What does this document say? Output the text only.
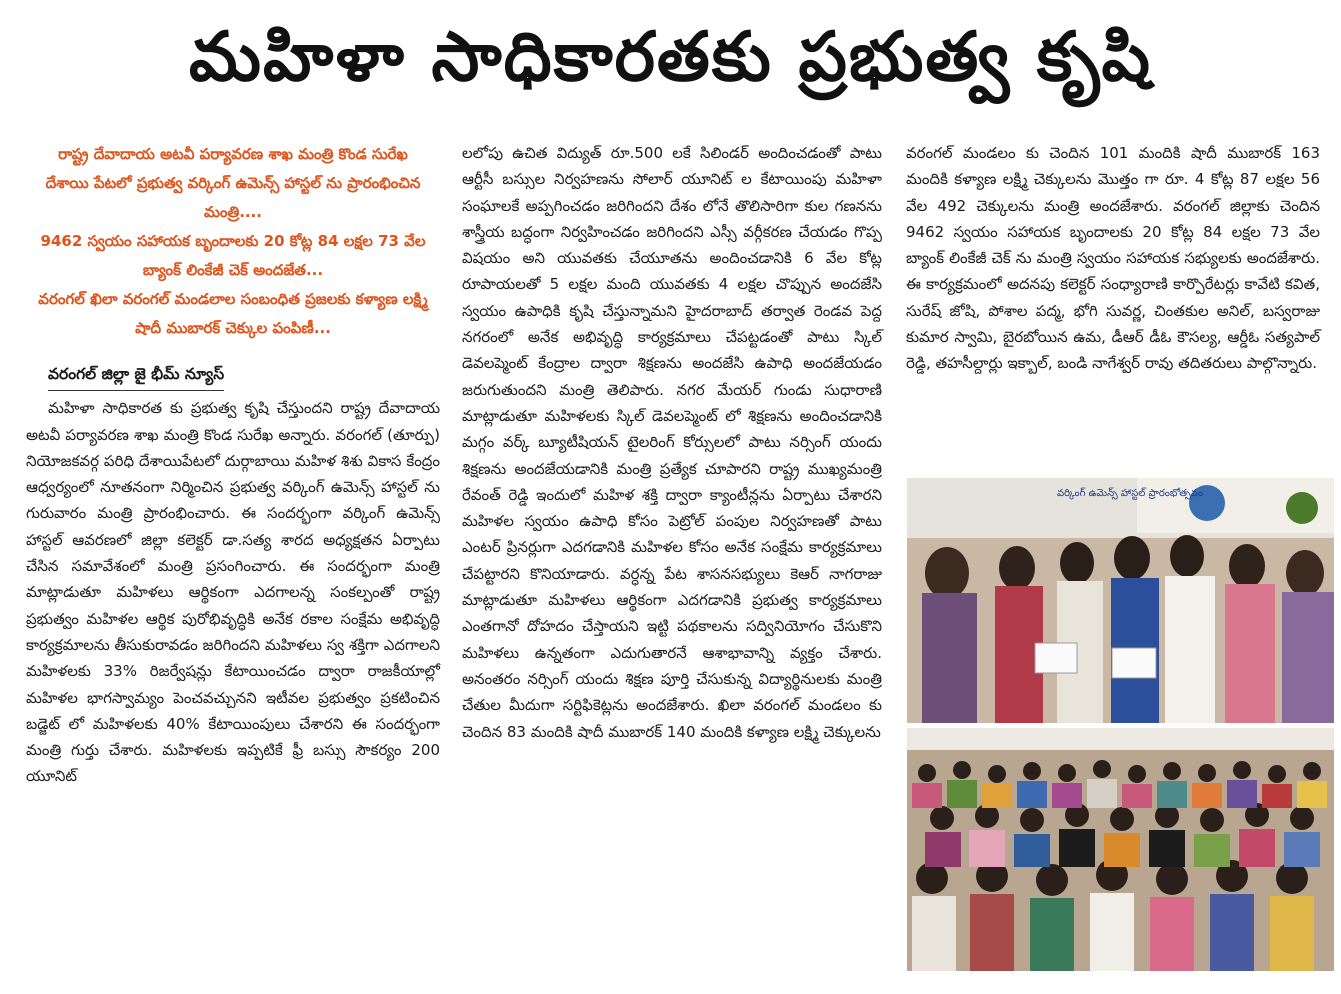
మహిళా సాధికారతకు ప్రభుత్వ కృషి
రాష్ట్ర దేవాదాయ అటవీ పర్యావరణ శాఖ మంత్రి కొండ సురేఖ
దేశాయి పేటలో ప్రభుత్వ వర్కింగ్ ఉమెన్స్ హాస్టల్ ను ప్రారంభించిన మంత్రి....
9462 స్వయం సహాయక బృందాలకు 20 కోట్ల 84 లక్షల 73 వేల బ్యాంక్ లింకేజీ చెక్ అందజేత...
వరంగల్ ఖిలా వరంగల్ మండలాల సంబంధిత ప్రజలకు కళ్యాణ లక్ష్మి షాదీ ముబారక్ చెక్కుల పంపిణీ...
వరంగల్ జిల్లా జై భీమ్ న్యూస్

మహిళా సాధికారత కు ప్రభుత్వ కృషి చేస్తుందని రాష్ట్ర దేవాదాయ అటవీ పర్యావరణ శాఖ మంత్రి కొండ సురేఖ అన్నారు. వరంగల్ (తూర్పు) నియోజకవర్గ పరిధి దేశాయిపేటలో దుర్గాబాయి మహిళ శిశు వికాస కేంద్రం ఆధ్వర్యంలో నూతనంగా నిర్మించిన ప్రభుత్వ వర్కింగ్ ఉమెన్స్ హాస్టల్ ను గురువారం మంత్రి ప్రారంభించారు. ఈ సందర్భంగా వర్కింగ్ ఉమెన్స్ హాస్టల్ ఆవరణలో జిల్లా కలెక్టర్ డా.సత్య శారద అధ్యక్షతన ఏర్పాటు చేసిన సమావేశంలో మంత్రి ప్రసంగించారు. ఈ సందర్భంగా మంత్రి మాట్లాడుతూ మహిళలు ఆర్థికంగా ఎదగాలన్న సంకల్పంతో రాష్ట్ర ప్రభుత్వం మహిళల ఆర్థిక పురోభివృద్ధికి అనేక రకాల సంక్షేమ అభివృద్ధి కార్యక్రమాలను తీసుకురావడం జరిగిందని మహిళలు స్వ శక్తిగా ఎదగాలని మహిళలకు 33% రిజర్వేషన్లు కేటాయించడం ద్వారా రాజకీయాల్లో మహిళల భాగస్వామ్యం పెంచవచ్చునని ఇటీవల ప్రభుత్వం ప్రకటించిన బడ్జెట్ లో మహిళలకు 40% కేటాయింపులు చేశారని ఈ సందర్భంగా మంత్రి గుర్తు చేశారు. మహిళలకు ఇప్పటికే ఫ్రీ బస్సు సౌకర్యం 200 యూనిట్

లలోపు ఉచిత విద్యుత్ రూ.500 లకే సిలిండర్ అందించడంతో పాటు ఆర్టీసీ బస్సుల నిర్వహణను సోలార్ యూనిట్ ల కేటాయింపు మహిళా సంఘాలకే అప్పగించడం జరిగిందని దేశం లోనే తొలిసారిగా కుల గణనను శాస్త్రీయ బద్ధంగా నిర్వహించడం జరిగిందని ఎస్సీ వర్గీకరణ చేయడం గొప్ప విషయం అని యువతకు చేయూతను అందించడానికి 6 వేల కోట్ల రూపాయలతో 5 లక్షల మంది యువతకు 4 లక్షల చొప్పున అందజేసి స్వయం ఉపాధికి కృషి చేస్తున్నామని హైదరాబాద్ తర్వాత రెండవ పెద్ద నగరంలో అనేక అభివృద్ధి కార్యక్రమాలు చేపట్టడంతో పాటు స్కిల్ డెవలప్మెంట్ కేంద్రాల ద్వారా శిక్షణను అందజేసి ఉపాధి అందజేయడం జరుగుతుందని మంత్రి తెలిపారు. నగర మేయర్ గుండు సుధారాణి మాట్లాడుతూ మహిళలకు స్కిల్ డెవలప్మెంట్ లో శిక్షణను అందించడానికి మగ్గం వర్క్ బ్యూటీషియన్ టైలరింగ్ కోర్సులలో పాటు నర్సింగ్ యందు శిక్షణను అందజేయడానికి మంత్రి ప్రత్యేక చూపారని రాష్ట్ర ముఖ్యమంత్రి రేవంత్ రెడ్డి ఇందులో మహిళ శక్తి ద్వారా క్యాంటీన్లను ఏర్పాటు చేశారని మహిళల స్వయం ఉపాధి కోసం పెట్రోల్ పంపుల నిర్వహణతో పాటు ఎంటర్ ప్రినర్లుగా ఎదగడానికి మహిళల కోసం అనేక సంక్షేమ కార్యక్రమాలు చేపట్టారని కొనియాడారు. వర్ధన్న పేట శాసనసభ్యులు కెఆర్ నాగరాజు మాట్లాడుతూ మహిళలు ఆర్థికంగా ఎదగడానికి ప్రభుత్వ కార్యక్రమాలు ఎంతగానో దోహదం చేస్తాయని ఇట్టి పథకాలను సద్వినియోగం చేసుకొని మహిళలు ఉన్నతంగా ఎదుగుతారనే ఆశాభావాన్ని వ్యక్తం చేశారు. అనంతరం నర్సింగ్ యందు శిక్షణ పూర్తి చేసుకున్న విద్యార్థినులకు మంత్రి చేతుల మీదుగా సర్టిఫికెట్లను అందజేశారు. ఖిలా వరంగల్ మండలం కు చెందిన 83 మందికి షాదీ ముబారక్ 140 మందికి కళ్యాణ లక్ష్మి చెక్కులను

వరంగల్ మండలం కు చెందిన 101 మందికి షాదీ ముబారక్ 163 మందికి కళ్యాణ లక్ష్మి చెక్కులను మొత్తం గా రూ. 4 కోట్ల 87 లక్షల 56 వేల 492 చెక్కులను మంత్రి అందజేశారు. వరంగల్ జిల్లాకు చెందిన 9462 స్వయం సహాయక బృందాలకు 20 కోట్ల 84 లక్షల 73 వేల బ్యాంక్ లింకేజీ చెక్ ను మంత్రి స్వయం సహాయక సభ్యులకు అందజేశారు. ఈ కార్యక్రమంలో అదనపు కలెక్టర్ సంధ్యారాణి కార్పొరేటర్లు కావేటి కవిత, సురేష్ జోషి, పోశాల పద్మ, భోగి సువర్ణ, చింతకుల అనిల్, బస్వరాజు కుమార స్వామి, బైరబోయిన ఉమ, డీఆర్ డీఓ కౌసల్య, ఆర్డీఓ సత్యపాల్ రెడ్డి, తహసీల్దార్లు ఇక్బాల్, బండి నాగేశ్వర్ రావు తదితరులు పాల్గొన్నారు.

వర్కింగ్ ఉమెన్స్ హాస్టల్ ప్రారంభోత్సవం
